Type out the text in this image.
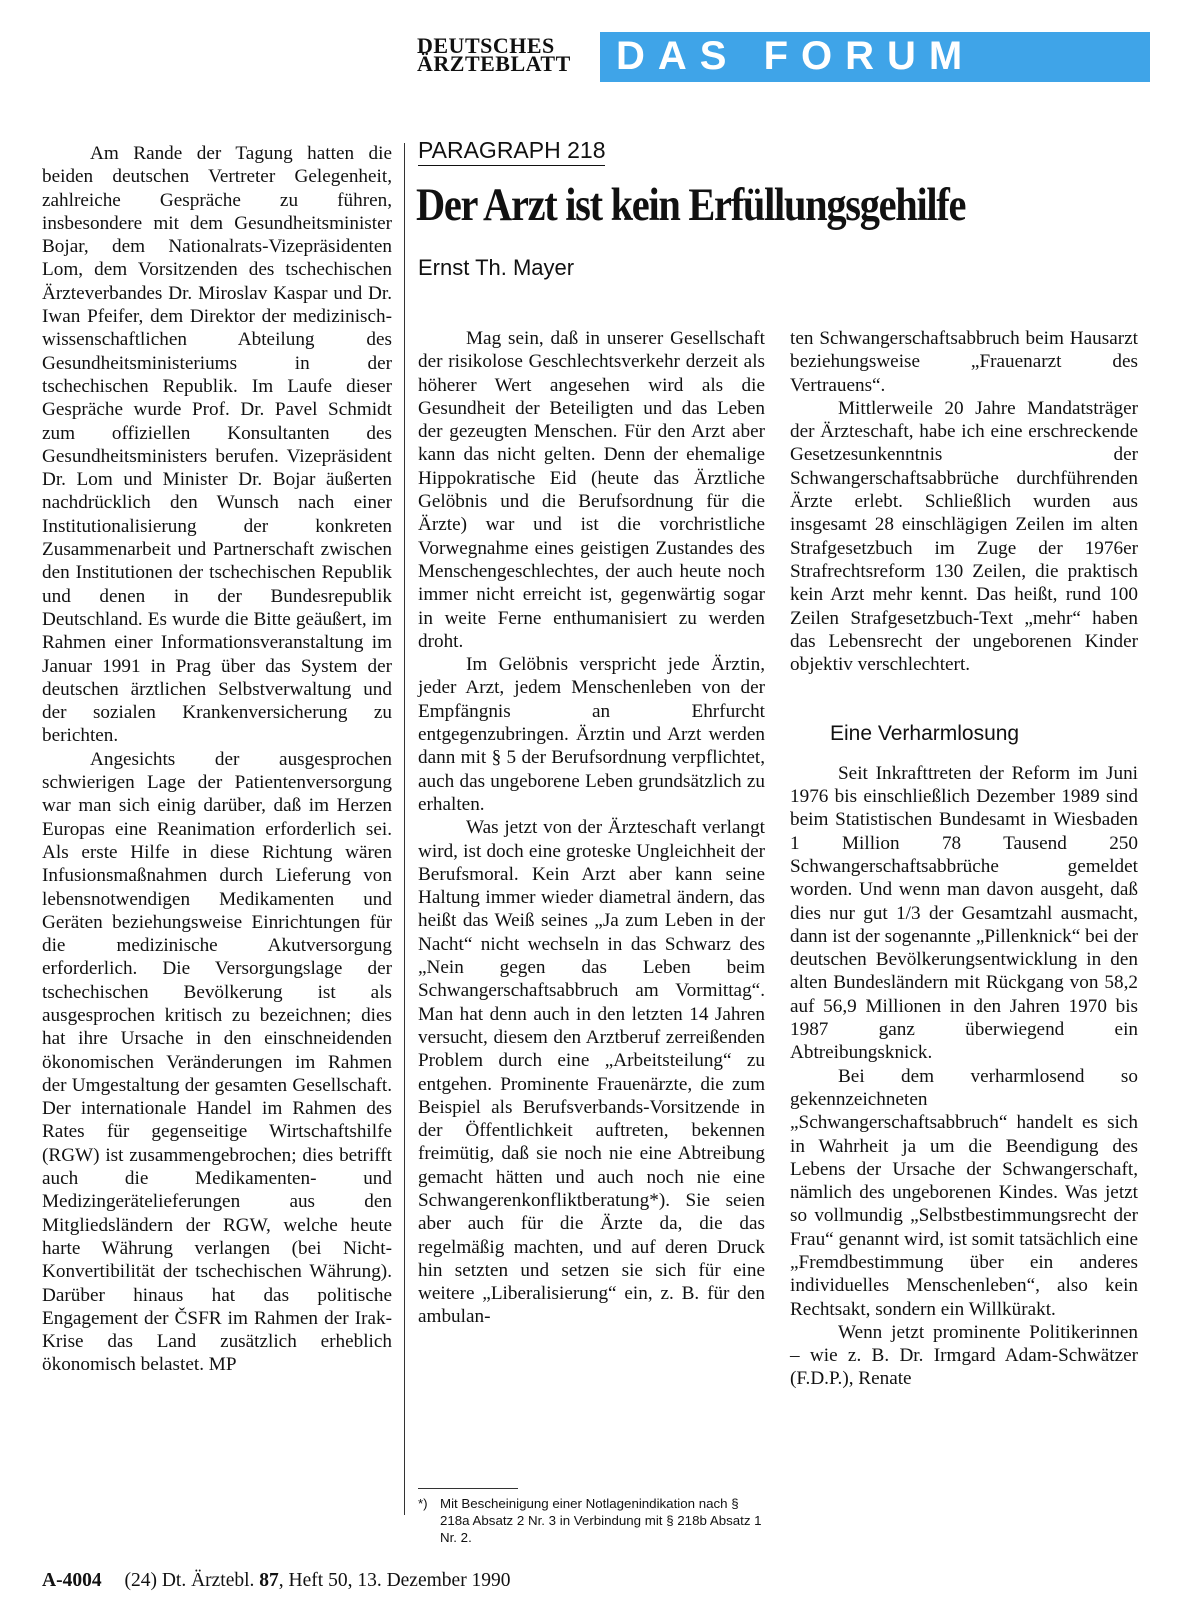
DEUTSCHES
ÄRZTEBLATT	DAS FORUM

Am Rande der Tagung hatten die beiden deutschen Vertreter Gelegenheit, zahlreiche Gespräche zu führen, insbesondere mit dem Gesundheitsminister Bojar, dem Nationalrats-Vizepräsidenten Lom, dem Vorsitzenden des tschechischen Ärzteverbandes Dr. Miroslav Kaspar und Dr. Iwan Pfeifer, dem Direktor der medizinisch-wissenschaftlichen Abteilung des Gesundheitsministeriums in der tschechischen Republik. Im Laufe dieser Gespräche wurde Prof. Dr. Pavel Schmidt zum offiziellen Konsultanten des Gesundheitsministers berufen. Vizepräsident Dr. Lom und Minister Dr. Bojar äußerten nachdrücklich den Wunsch nach einer Institutionalisierung der konkreten Zusammenarbeit und Partnerschaft zwischen den Institutionen der tschechischen Republik und denen in der Bundesrepublik Deutschland. Es wurde die Bitte geäußert, im Rahmen einer Informationsveranstaltung im Januar 1991 in Prag über das System der deutschen ärztlichen Selbstverwaltung und der sozialen Krankenversicherung zu berichten.

Angesichts der ausgesprochen schwierigen Lage der Patientenversorgung war man sich einig darüber, daß im Herzen Europas eine Reanimation erforderlich sei. Als erste Hilfe in diese Richtung wären Infusionsmaßnahmen durch Lieferung von lebensnotwendigen Medikamenten und Geräten beziehungsweise Einrichtungen für die medizinische Akutversorgung erforderlich. Die Versorgungslage der tschechischen Bevölkerung ist als ausgesprochen kritisch zu bezeichnen; dies hat ihre Ursache in den einschneidenden ökonomischen Veränderungen im Rahmen der Umgestaltung der gesamten Gesellschaft. Der internationale Handel im Rahmen des Rates für gegenseitige Wirtschaftshilfe (RGW) ist zusammengebrochen; dies betrifft auch die Medikamenten- und Medizingerätelieferungen aus den Mitgliedsländern der RGW, welche heute harte Währung verlangen (bei Nicht-Konvertibilität der tschechischen Währung). Darüber hinaus hat das politische Engagement der ČSFR im Rahmen der Irak-Krise das Land zusätzlich erheblich ökonomisch belastet. MP

PARAGRAPH 218
Der Arzt ist kein Erfüllungsgehilfe
Ernst Th. Mayer

Mag sein, daß in unserer Gesellschaft der risikolose Geschlechtsverkehr derzeit als höherer Wert angesehen wird als die Gesundheit der Beteiligten und das Leben der gezeugten Menschen. Für den Arzt aber kann das nicht gelten. Denn der ehemalige Hippokratische Eid (heute das Ärztliche Gelöbnis und die Berufsordnung für die Ärzte) war und ist die vorchristliche Vorwegnahme eines geistigen Zustandes des Menschengeschlechtes, der auch heute noch immer nicht erreicht ist, gegenwärtig sogar in weite Ferne enthumanisiert zu werden droht.

Im Gelöbnis verspricht jede Ärztin, jeder Arzt, jedem Menschenleben von der Empfängnis an Ehrfurcht entgegenzubringen. Ärztin und Arzt werden dann mit § 5 der Berufsordnung verpflichtet, auch das ungeborene Leben grundsätzlich zu erhalten.

Was jetzt von der Ärzteschaft verlangt wird, ist doch eine groteske Ungleichheit der Berufsmoral. Kein Arzt aber kann seine Haltung immer wieder diametral ändern, das heißt das Weiß seines „Ja zum Leben in der Nacht“ nicht wechseln in das Schwarz des „Nein gegen das Leben beim Schwangerschaftsabbruch am Vormittag“. Man hat denn auch in den letzten 14 Jahren versucht, diesem den Arztberuf zerreißenden Problem durch eine „Arbeitsteilung“ zu entgehen. Prominente Frauenärzte, die zum Beispiel als Berufsverbands-Vorsitzende in der Öffentlichkeit auftreten, bekennen freimütig, daß sie noch nie eine Abtreibung gemacht hätten und auch noch nie eine Schwangerenkonfliktberatung*). Sie seien aber auch für die Ärzte da, die das regelmäßig machten, und auf deren Druck hin setzten und setzen sie sich für eine weitere „Liberalisierung“ ein, z. B. für den ambulan-

*) Mit Bescheinigung einer Notlagenindikation nach § 218a Absatz 2 Nr. 3 in Verbindung mit § 218b Absatz 1 Nr. 2.

ten Schwangerschaftsabbruch beim Hausarzt beziehungsweise „Frauenarzt des Vertrauens“.

Mittlerweile 20 Jahre Mandatsträger der Ärzteschaft, habe ich eine erschreckende Gesetzesunkenntnis der Schwangerschaftsabbrüche durchführenden Ärzte erlebt. Schließlich wurden aus insgesamt 28 einschlägigen Zeilen im alten Strafgesetzbuch im Zuge der 1976er Strafrechtsreform 130 Zeilen, die praktisch kein Arzt mehr kennt. Das heißt, rund 100 Zeilen Strafgesetzbuch-Text „mehr“ haben das Lebensrecht der ungeborenen Kinder objektiv verschlechtert.

Eine Verharmlosung

Seit Inkrafttreten der Reform im Juni 1976 bis einschließlich Dezember 1989 sind beim Statistischen Bundesamt in Wiesbaden 1 Million 78 Tausend 250 Schwangerschaftsabbrüche gemeldet worden. Und wenn man davon ausgeht, daß dies nur gut 1/3 der Gesamtzahl ausmacht, dann ist der sogenannte „Pillenknick“ bei der deutschen Bevölkerungsentwicklung in den alten Bundesländern mit Rückgang von 58,2 auf 56,9 Millionen in den Jahren 1970 bis 1987 ganz überwiegend ein Abtreibungsknick.

Bei dem verharmlosend so gekennzeichneten „Schwangerschaftsabbruch“ handelt es sich in Wahrheit ja um die Beendigung des Lebens der Ursache der Schwangerschaft, nämlich des ungeborenen Kindes. Was jetzt so vollmundig „Selbstbestimmungsrecht der Frau“ genannt wird, ist somit tatsächlich eine „Fremdbestimmung über ein anderes individuelles Menschenleben“, also kein Rechtsakt, sondern ein Willkürakt.

Wenn jetzt prominente Politikerinnen – wie z. B. Dr. Irmgard Adam-Schwätzer (F.D.P.), Renate

A-4004 (24) Dt. Ärztebl. 87, Heft 50, 13. Dezember 1990
